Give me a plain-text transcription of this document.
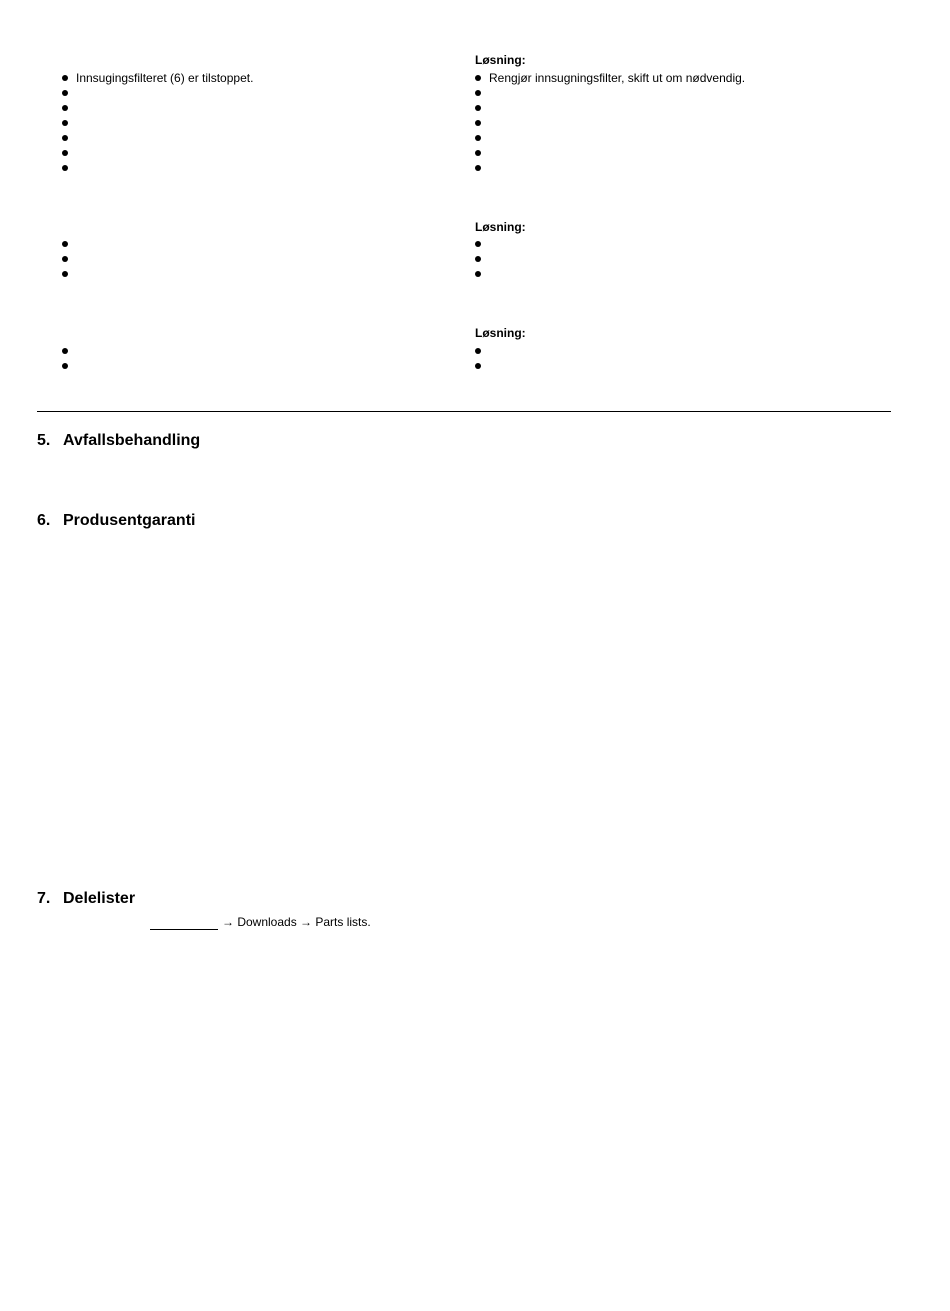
Løsning:
Innsugingsfilteret (6) er tilstoppet.	Rengjør innsugningsfilter, skift ut om nødvendig.
Løsning:
Løsning:
5. Avfallsbehandling
6. Produsentgaranti
7. Delelister
→ Downloads → Parts lists.
